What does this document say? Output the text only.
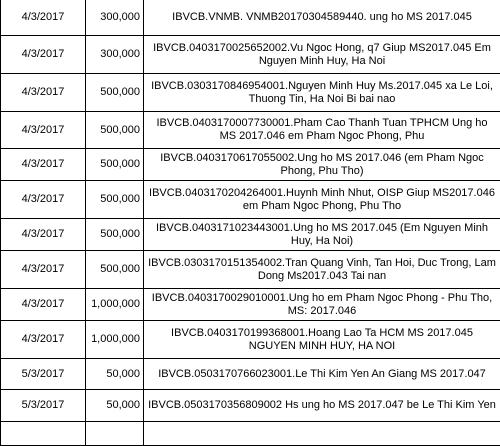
4/3/2017	300,000	IBVCB.VNMB. VNMB20170304589440. ung ho MS 2017.045
4/3/2017	300,000	IBVCB.0403170025652002.Vu Ngoc Hong, q7 Giup MS2017.045 Em Nguyen Minh Huy, Ha Noi
4/3/2017	500,000	IBVCB.0303170846954001.Nguyen Minh Huy Ms.2017.045 xa Le Loi, Thuong Tin, Ha Noi Bi bai nao
4/3/2017	500,000	IBVCB.0403170007730001.Pham Cao Thanh Tuan TPHCM Ung ho MS 2017.046 em Pham Ngoc Phong, Phu
4/3/2017	500,000	IBVCB.0403170617055002.Ung ho MS 2017.046 (em Pham Ngoc Phong, Phu Tho)
4/3/2017	500,000	IBVCB.0403170204264001.Huynh Minh Nhut, OISP Giup MS2017.046 em Pham Ngoc Phong, Phu Tho
4/3/2017	500,000	IBVCB.0403171023443001.Ung ho MS 2017.045 (Em Nguyen Minh Huy, Ha Noi)
4/3/2017	500,000	IBVCB.0303170151354002.Tran Quang Vinh, Tan Hoi, Duc Trong, Lam Dong Ms2017.043 Tai nan
4/3/2017	1,000,000	IBVCB.0403170029010001.Ung ho em Pham Ngoc Phong - Phu Tho, MS: 2017.046
4/3/2017	1,000,000	IBVCB.0403170199368001.Hoang Lao Ta HCM MS 2017.045 NGUYEN MINH HUY, HA NOI
5/3/2017	50,000	IBVCB.0503170766023001.Le Thi Kim Yen An Giang MS 2017.047
5/3/2017	50,000	IBVCB.0503170356809002 Hs ung ho MS 2017.047 be Le Thi Kim Yen
